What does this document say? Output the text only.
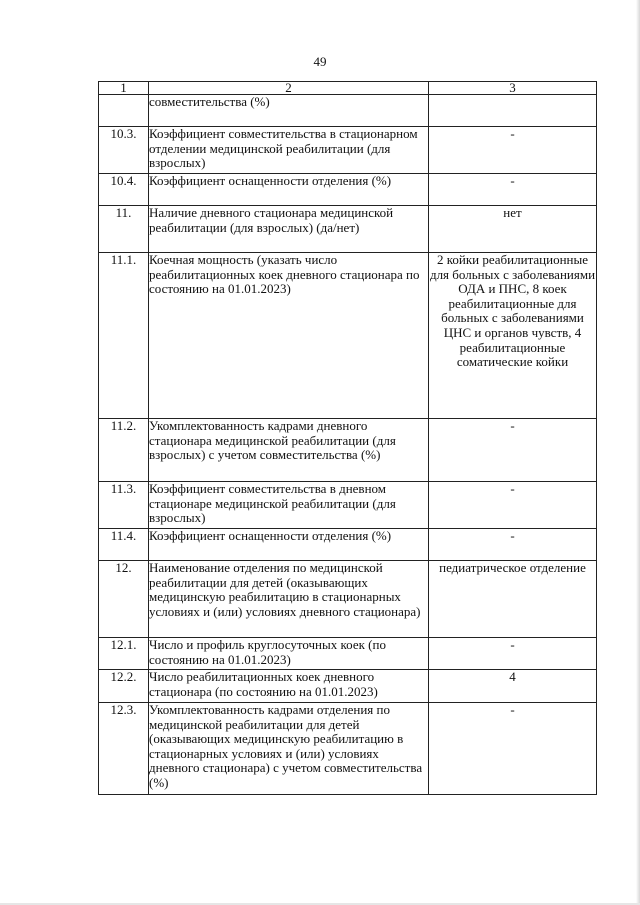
49
1	2	3
	совместительства (%)	
10.3.	Коэффициент совместительства в стационарном отделении медицинской реабилитации (для взрослых)	-
10.4.	Коэффициент оснащенности отделения (%)	-
11.	Наличие дневного стационара медицинской реабилитации (для взрослых) (да/нет)	нет
11.1.	Коечная мощность (указать число реабилитационных коек дневного стационара по состоянию на 01.01.2023)	2 койки реабилитационные для больных с заболеваниями ОДА и ПНС, 8 коек реабилитационные для больных с заболеваниями ЦНС и органов чувств, 4 реабилитационные соматические койки

11.2.	Укомплектованность кадрами дневного стационара медицинской реабилитации (для взрослых) с учетом совместительства (%)	-
11.3.	Коэффициент совместительства в дневном стационаре медицинской реабилитации (для взрослых)	-
11.4.	Коэффициент оснащенности отделения (%)	-
12.	Наименование отделения по медицинской реабилитации для детей (оказывающих медицинскую реабилитацию в стационарных условиях и (или) условиях дневного стационара)	педиатрическое отделение
12.1.	Число и профиль круглосуточных коек (по состоянию на 01.01.2023)	-
12.2.	Число реабилитационных коек дневного стационара (по состоянию на 01.01.2023)	4
12.3.	Укомплектованность кадрами отделения по медицинской реабилитации для детей (оказывающих медицинскую реабилитацию в стационарных условиях и (или) условиях дневного стационара) с учетом совместительства (%)	-
